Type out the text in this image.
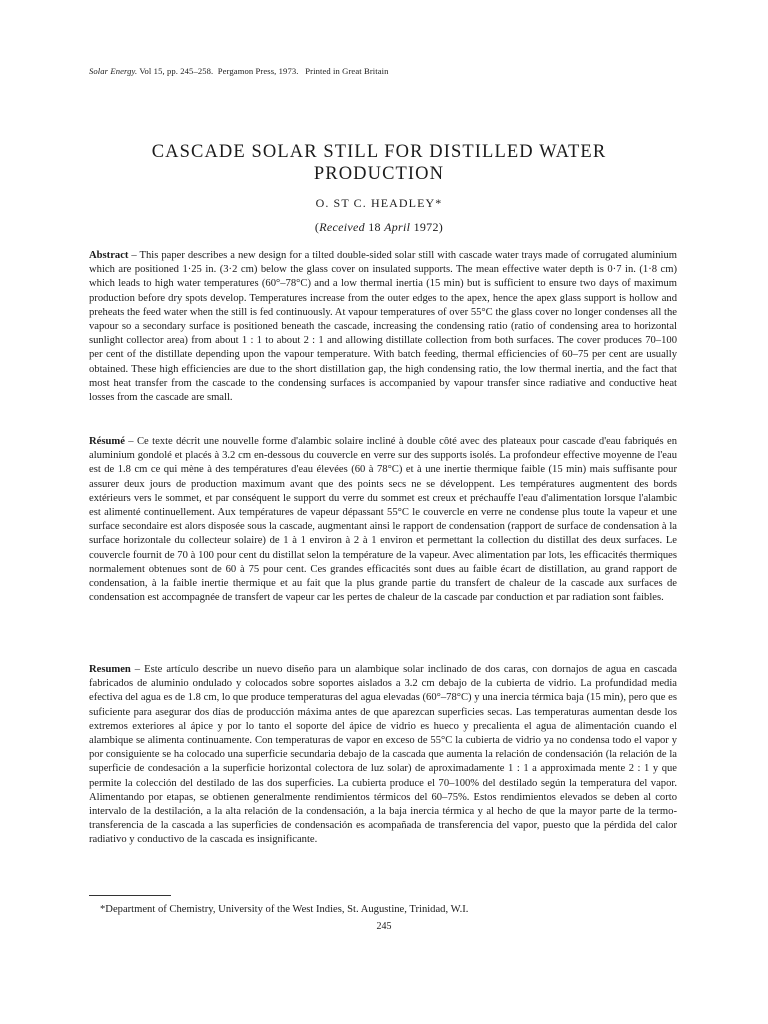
Solar Energy. Vol 15, pp. 245–258. Pergamon Press, 1973. Printed in Great Britain
CASCADE SOLAR STILL FOR DISTILLED WATER PRODUCTION
O. ST C. HEADLEY*
(Received 18 April 1972)

Abstract – This paper describes a new design for a tilted double-sided solar still with cascade water trays made of corrugated aluminium which are positioned 1·25 in. (3·2 cm) below the glass cover on insulated supports. The mean effective water depth is 0·7 in. (1·8 cm) which leads to high water temperatures (60°–78°C) and a low thermal inertia (15 min) but is sufficient to ensure two days of maximum production before dry spots develop. Temperatures increase from the outer edges to the apex, hence the apex glass support is hollow and preheats the feed water when the still is fed continuously. At vapour temperatures of over 55°C the glass cover no longer condenses all the vapour so a secondary surface is positioned beneath the cascade, increasing the condensing ratio (ratio of condensing area to horizontal sunlight collector area) from about 1 : 1 to about 2 : 1 and allowing distillate collection from both surfaces. The cover produces 70–100 per cent of the distillate depending upon the vapour temperature. With batch feeding, thermal efficiencies of 60–75 per cent are usually obtained. These high efficiencies are due to the short distillation gap, the high condensing ratio, the low thermal inertia, and the fact that most heat transfer from the cascade to the condensing surfaces is accompanied by vapour transfer since radiative and conductive heat losses from the cascade are small.

Résumé – Ce texte décrit une nouvelle forme d'alambic solaire incliné à double côté avec des plateaux pour cascade d'eau fabriqués en aluminium gondolé et placés à 3.2 cm en-dessous du couvercle en verre sur des supports isolés. La profondeur effective moyenne de l'eau est de 1.8 cm ce qui mène à des températures d'eau élevées (60 à 78°C) et à une inertie thermique faible (15 min) mais suffisante pour assurer deux jours de production maximum avant que des points secs ne se développent. Les températures augmentent des bords extérieurs vers le sommet, et par conséquent le support du verre du sommet est creux et préchauffe l'eau d'alimentation lorsque l'alambic est alimenté continuellement. Aux températures de vapeur dépassant 55°C le couvercle en verre ne condense plus toute la vapeur et une surface secondaire est alors disposée sous la cascade, augmentant ainsi le rapport de condensation (rapport de surface de condensation à la surface horizontale du collecteur solaire) de 1 à 1 environ à 2 à 1 environ et permettant la collection du distillat des deux surfaces. Le couvercle fournit de 70 à 100 pour cent du distillat selon la température de la vapeur. Avec alimentation par lots, les efficacités thermiques normalement obtenues sont de 60 à 75 pour cent. Ces grandes efficacités sont dues au faible écart de distillation, au grand rapport de condensation, à la faible inertie thermique et au fait que la plus grande partie du transfert de chaleur de la cascade aux surfaces de condensation est accompagnée de transfert de vapeur car les pertes de chaleur de la cascade par conduction et par radiation sont faibles.

Resumen – Este artículo describe un nuevo diseño para un alambique solar inclinado de dos caras, con dornajos de agua en cascada fabricados de aluminio ondulado y colocados sobre soportes aislados a 3.2 cm debajo de la cubierta de vidrio. La profundidad media efectiva del agua es de 1.8 cm, lo que produce temperaturas del agua elevadas (60°–78°C) y una inercia térmica baja (15 min), pero que es suficiente para asegurar dos días de producción máxima antes de que aparezcan superficies secas. Las temperaturas aumentan desde los extremos exteriores al ápice y por lo tanto el soporte del ápice de vidrio es hueco y precalienta el agua de alimentación cuando el alambique se alimenta continuamente. Con temperaturas de vapor en exceso de 55°C la cubierta de vidrio ya no condensa todo el vapor y por consiguiente se ha colocado una superficie secundaria debajo de la cascada que aumenta la relación de condensación (la relación de la superficie de condesación a la superficie horizontal colectora de luz solar) de aproximadamente 1 : 1 a approximada mente 2 : 1 y que permite la colección del destilado de las dos superficies. La cubierta produce el 70–100% del destilado según la temperatura del vapor. Alimentando por etapas, se obtienen generalmente rendimientos térmicos del 60–75%. Estos rendimientos elevados se deben al corto intervalo de la destilación, a la alta relación de la condensación, a la baja inercia térmica y al hecho de que la mayor parte de la termotransferencia de la cascada a las superficies de condensación es acompañada de transferencia del vapor, puesto que la pérdida del calor radiativo y conductivo de la cascada es insignificante.

*Department of Chemistry, University of the West Indies, St. Augustine, Trinidad, W.I.
245
